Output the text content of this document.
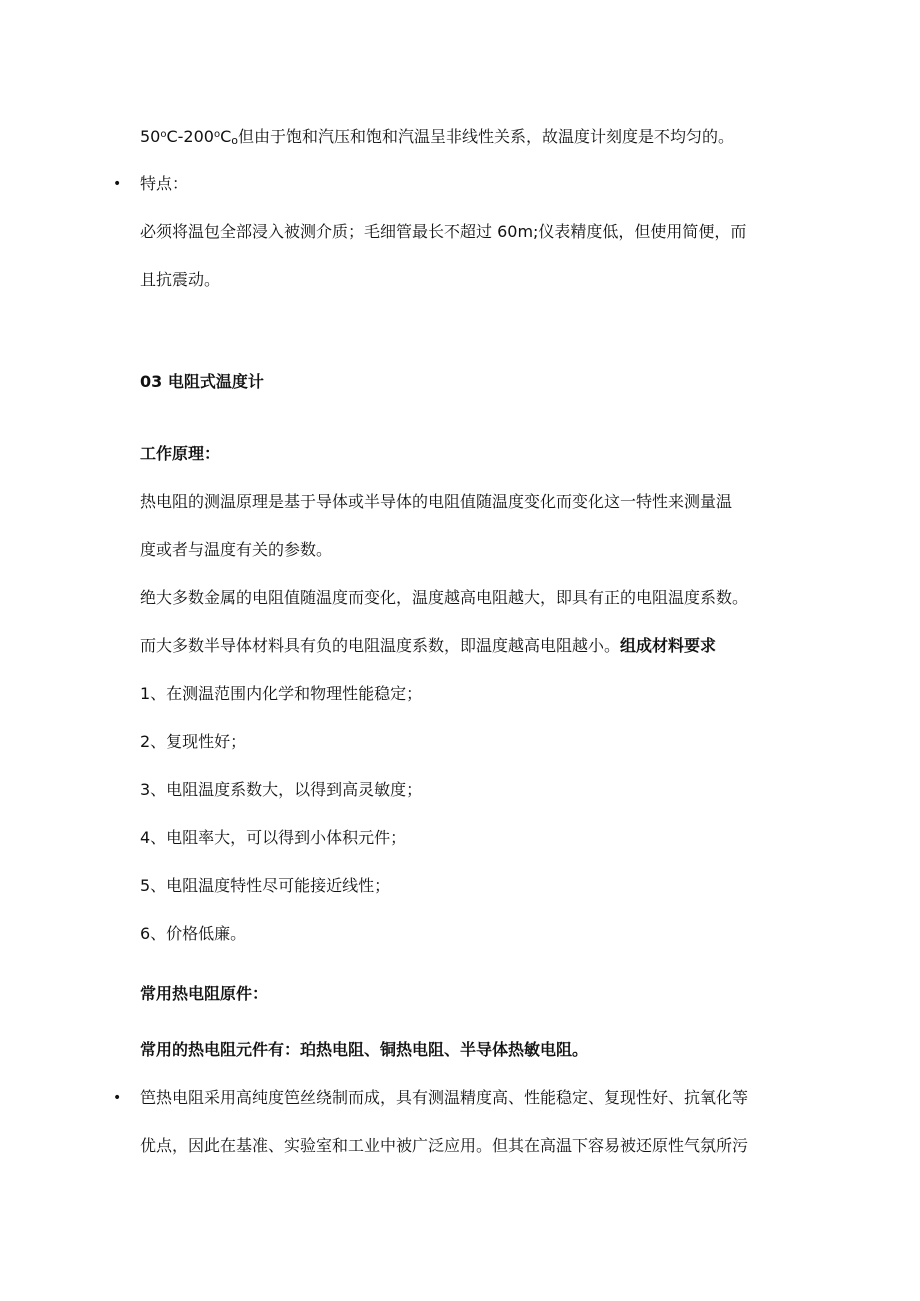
50$^o$C-200$^o$Co但由于饱和汽压和饱和汽温呈非线性关系，故温度计刻度是不均匀的。
• 特点：
必须将温包全部浸入被测介质；毛细管最长不超过 60m;仪表精度低，但使用简便，而
且抗震动。
03 电阻式温度计
工作原理：
热电阻的测温原理是基于导体或半导体的电阻值随温度变化而变化这一特性来测量温
度或者与温度有关的参数。
绝大多数金属的电阻值随温度而变化，温度越高电阻越大，即具有正的电阻温度系数。
而大多数半导体材料具有负的电阻温度系数，即温度越高电阻越小。组成材料要求
1、在测温范围内化学和物理性能稳定；
2、复现性好；
3、电阻温度系数大，以得到高灵敏度；
4、电阻率大，可以得到小体积元件；
5、电阻温度特性尽可能接近线性；
6、价格低廉。
常用热电阻原件：
常用的热电阻元件有：珀热电阻、铜热电阻、半导体热敏电阻。
• 笆热电阻采用高纯度笆丝绕制而成，具有测温精度高、性能稳定、复现性好、抗氧化等
优点，因此在基准、实验室和工业中被广泛应用。但其在高温下容易被还原性气氛所污
